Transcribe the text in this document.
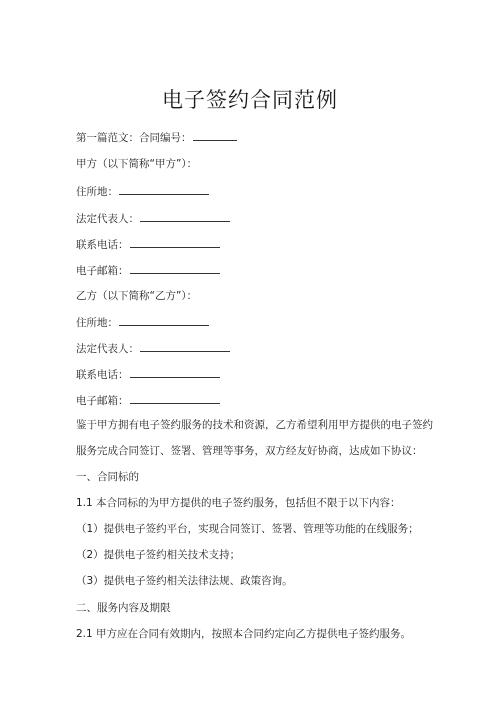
电子签约合同范例
第一篇范文：合同编号：
甲方（以下简称“甲方”）：
住所地：
法定代表人：
联系电话：
电子邮箱：
乙方（以下简称“乙方”）：
住所地：
法定代表人：
联系电话：
电子邮箱：
鉴于甲方拥有电子签约服务的技术和资源，乙方希望利用甲方提供的电子签约
服务完成合同签订、签署、管理等事务，双方经友好协商，达成如下协议：
一、合同标的
1.1 本合同标的为甲方提供的电子签约服务，包括但不限于以下内容：
（1）提供电子签约平台，实现合同签订、签署、管理等功能的在线服务；
（2）提供电子签约相关技术支持；
（3）提供电子签约相关法律法规、政策咨询。
二、服务内容及期限
2.1 甲方应在合同有效期内，按照本合同约定向乙方提供电子签约服务。
